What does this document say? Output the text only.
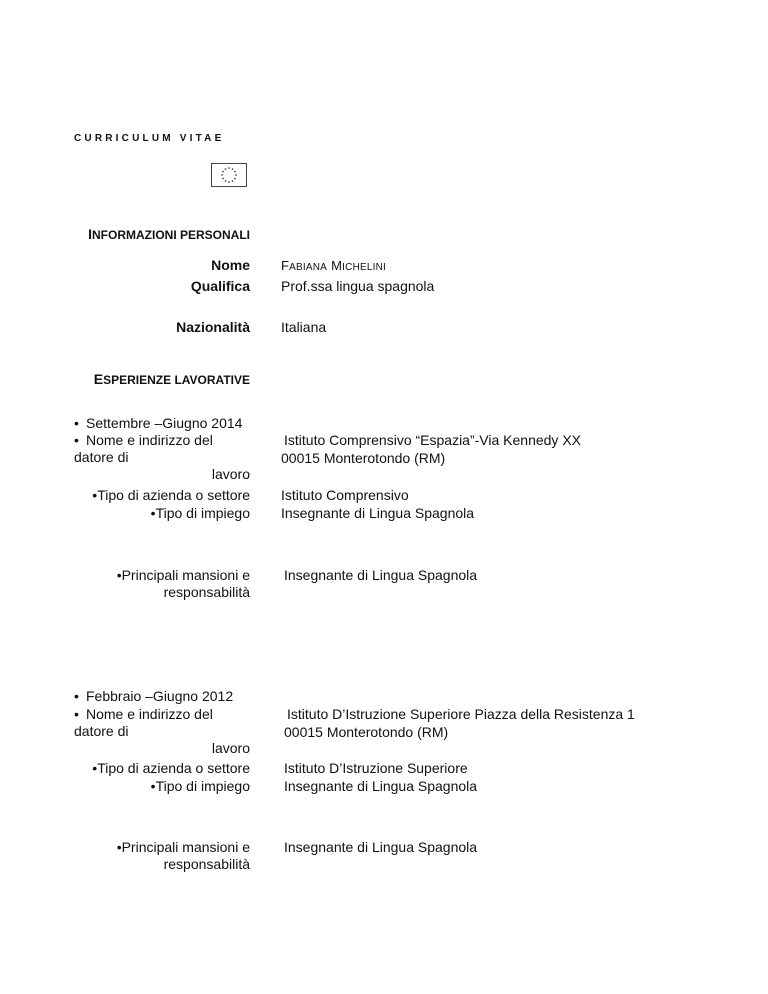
CURRICULUM VITAE
INFORMAZIONI PERSONALI
Nome FABIANA MICHELINI
Qualifica Prof.ssa lingua spagnola
Nazionalità Italiana
ESPERIENZE LAVORATIVE
• Settembre –Giugno 2014
• Nome e indirizzo del datore di
lavoro
Istituto Comprensivo “Espazia”-Via Kennedy XX
00015 Monterotondo (RM)
•Tipo di azienda o settore Istituto Comprensivo
•Tipo di impiego Insegnante di Lingua Spagnola
•Principali mansioni e
responsabilità
Insegnante di Lingua Spagnola
• Febbraio –Giugno 2012
• Nome e indirizzo del datore di
lavoro
Istituto D’Istruzione Superiore Piazza della Resistenza 1
00015 Monterotondo (RM)
•Tipo di azienda o settore Istituto D’Istruzione Superiore
•Tipo di impiego Insegnante di Lingua Spagnola
•Principali mansioni e
responsabilità
Insegnante di Lingua Spagnola
